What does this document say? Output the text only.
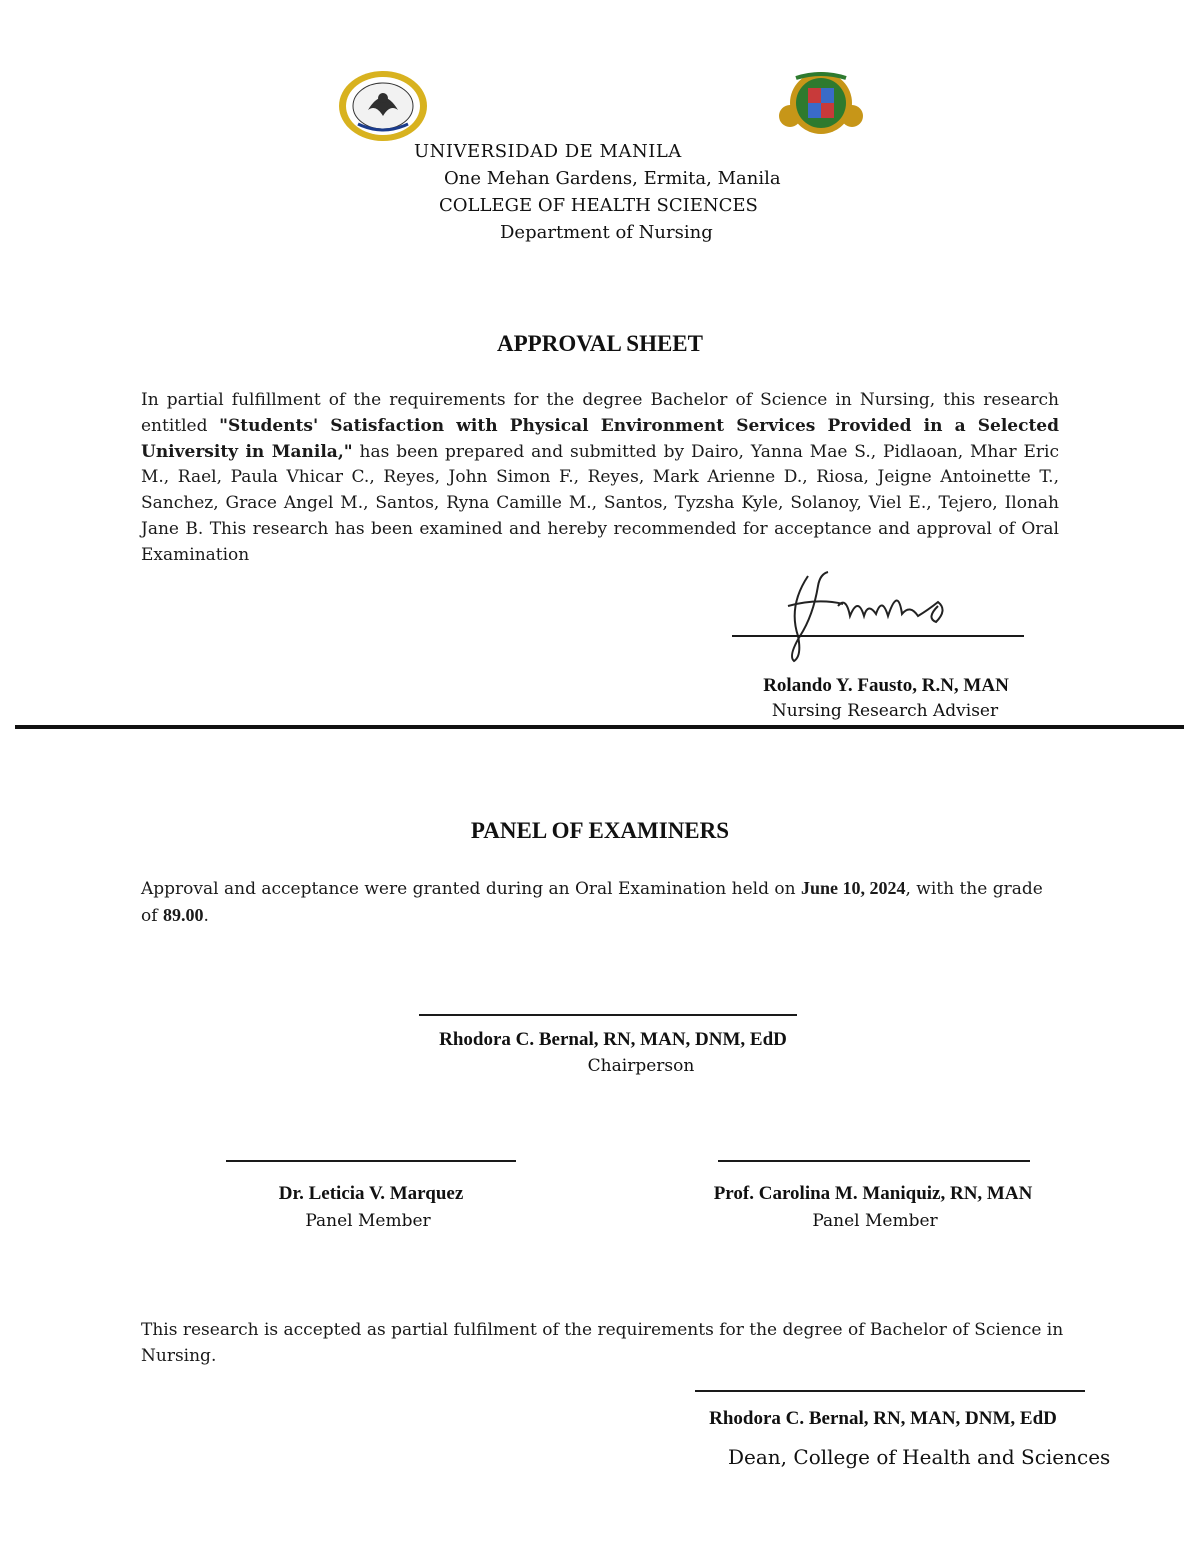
UNIVERSIDAD DE MANILA
One Mehan Gardens, Ermita, Manila
COLLEGE OF HEALTH SCIENCES
Department of Nursing
APPROVAL SHEET
In partial fulfillment of the requirements for the degree Bachelor of Science in Nursing, this research entitled "Students' Satisfaction with Physical Environment Services Provided in a Selected University in Manila," has been prepared and submitted by Dairo, Yanna Mae S., Pidlaoan, Mhar Eric M., Rael, Paula Vhicar C., Reyes, John Simon F., Reyes, Mark Arienne D., Riosa, Jeigne Antoinette T., Sanchez, Grace Angel M., Santos, Ryna Camille M., Santos, Tyzsha Kyle, Solanoy, Viel E., Tejero, Ilonah Jane B. This research has been examined and hereby recommended for acceptance and approval of Oral Examination
Rolando Y. Fausto, R.N, MAN
Nursing Research Adviser
PANEL OF EXAMINERS
Approval and acceptance were granted during an Oral Examination held on June 10, 2024, with the grade of 89.00.
Rhodora C. Bernal, RN, MAN, DNM, EdD
Chairperson
Dr. Leticia V. Marquez
Panel Member
Prof. Carolina M. Maniquiz, RN, MAN
Panel Member
This research is accepted as partial fulfilment of the requirements for the degree of Bachelor of Science in Nursing.
Rhodora C. Bernal, RN, MAN, DNM, EdD
Dean, College of Health and Sciences
